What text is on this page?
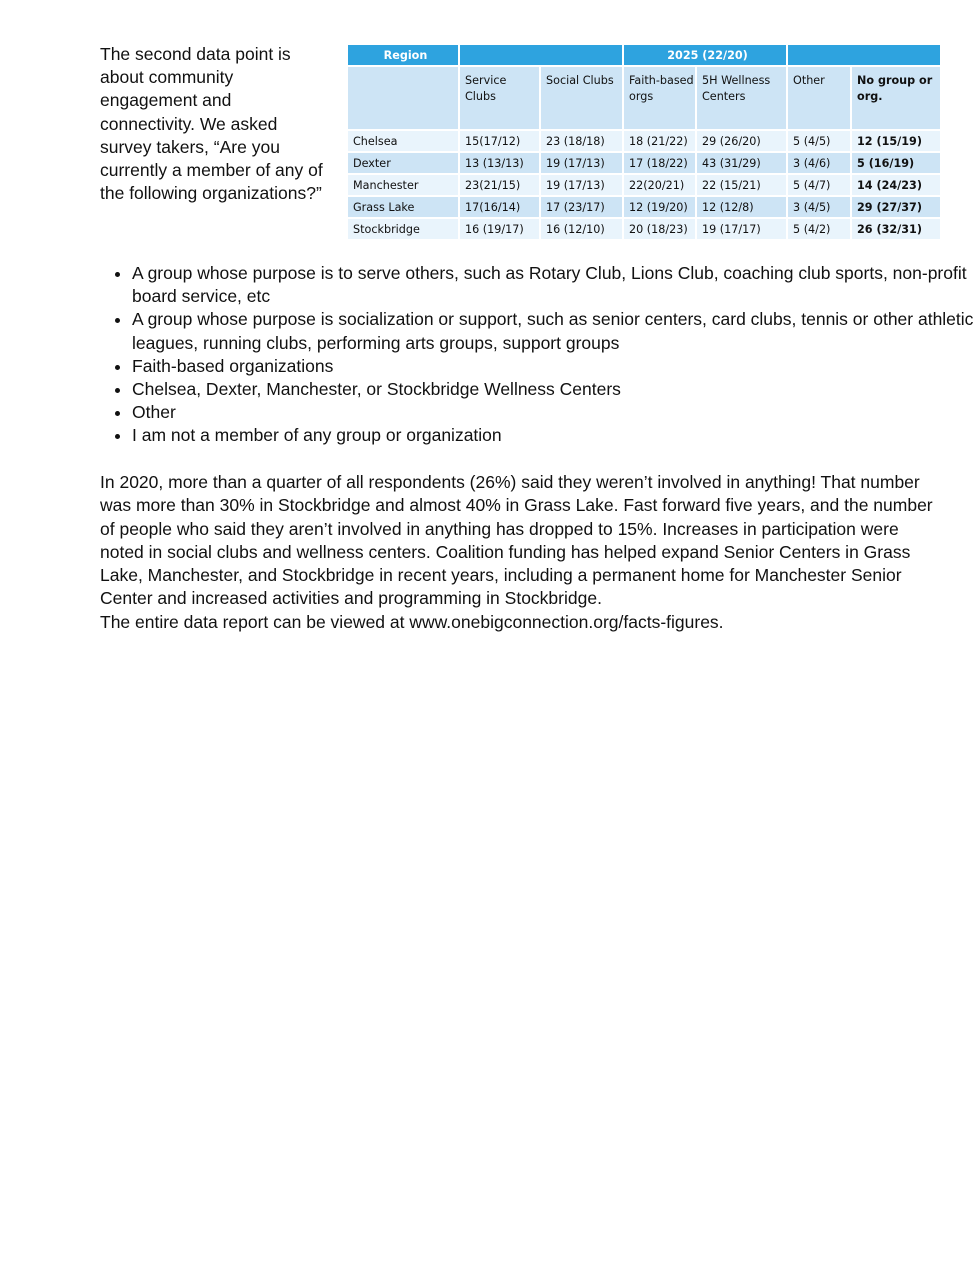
The second data point is about community engagement and connectivity. We asked survey takers, “Are you currently a member of any of the following organizations?”

Region			2025 (22/20)			
	Service Clubs	Social Clubs	Faith-based orgs	5H Wellness Centers	Other	No group or org.
Chelsea	15(17/12)	23 (18/18)	18 (21/22)	29 (26/20)	5 (4/5)	12 (15/19)
Dexter	13 (13/13)	19 (17/13)	17 (18/22)	43 (31/29)	3 (4/6)	5 (16/19)
Manchester	23(21/15)	19 (17/13)	22(20/21)	22 (15/21)	5 (4/7)	14 (24/23)
Grass Lake	17(16/14)	17 (23/17)	12 (19/20)	12 (12/8)	3 (4/5)	29 (27/37)
Stockbridge	16 (19/17)	16 (12/10)	20 (18/23)	19 (17/17)	5 (4/2)	26 (32/31)
• A group whose purpose is to serve others, such as Rotary Club, Lions Club, coaching club sports, non-profit board service, etc
• A group whose purpose is socialization or support, such as senior centers, card clubs, tennis or other athletic leagues, running clubs, performing arts groups, support groups
• Faith-based organizations
• Chelsea, Dexter, Manchester, or Stockbridge Wellness Centers
• Other
• I am not a member of any group or organization

In 2020, more than a quarter of all respondents (26%) said they weren’t involved in anything! That number was more than 30% in Stockbridge and almost 40% in Grass Lake. Fast forward five years, and the number of people who said they aren’t involved in anything has dropped to 15%. Increases in participation were noted in social clubs and wellness centers. Coalition funding has helped expand Senior Centers in Grass Lake, Manchester, and Stockbridge in recent years, including a permanent home for Manchester Senior Center and increased activities and programming in Stockbridge.

The entire data report can be viewed at www.onebigconnection.org/facts-figures.
